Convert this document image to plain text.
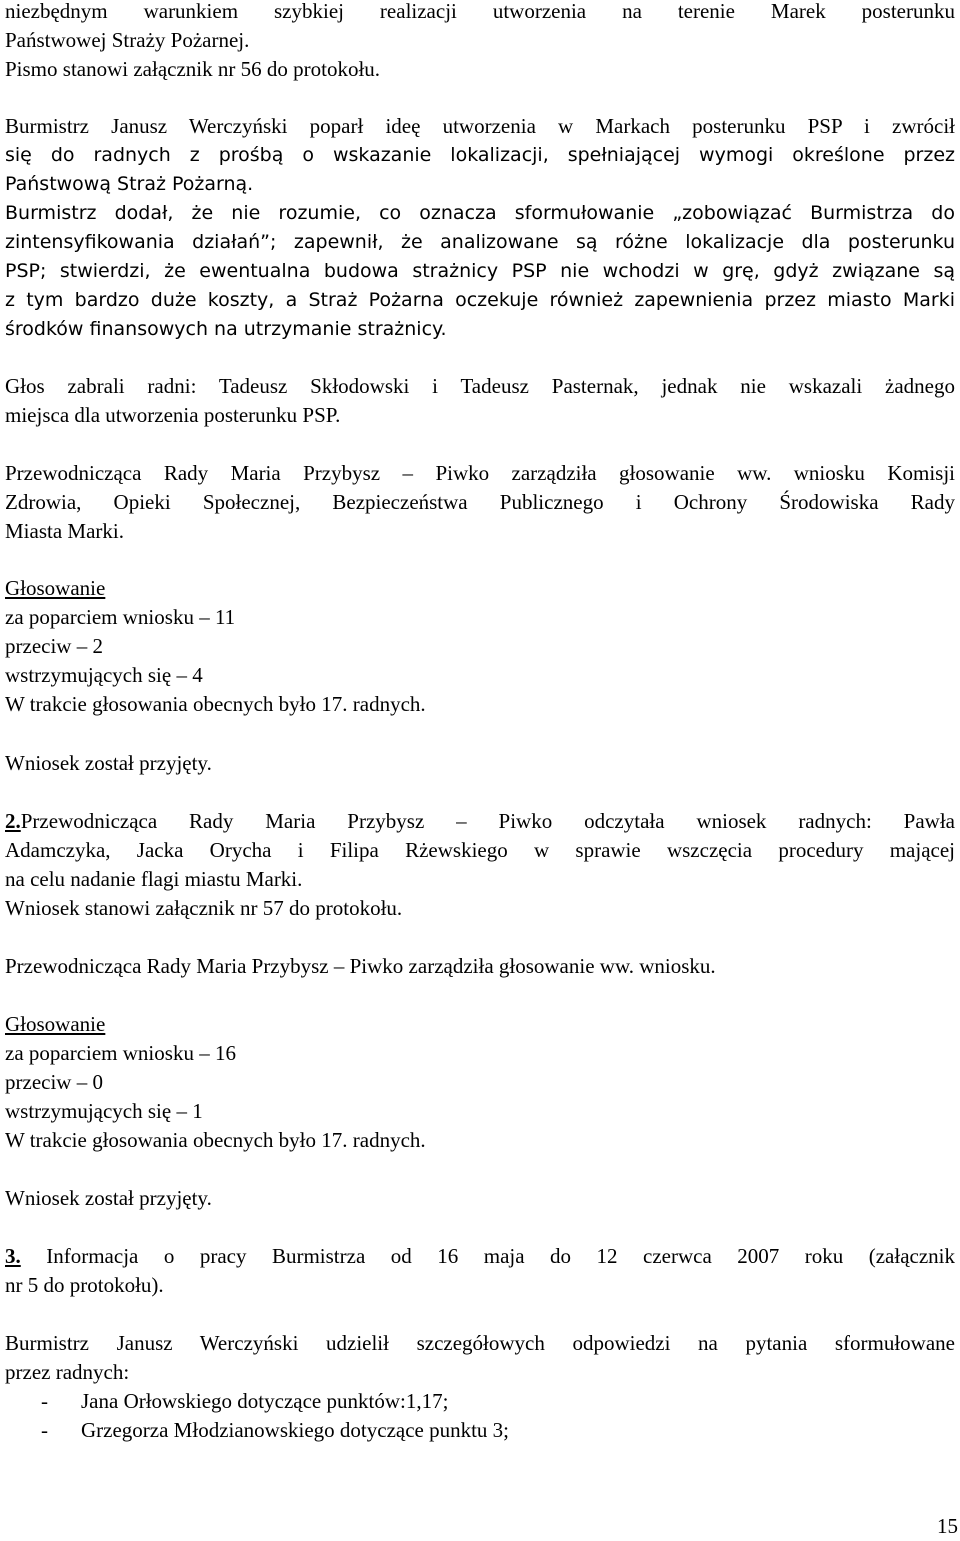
niezbędnym warunkiem szybkiej realizacji utworzenia na terenie Marek posterunku

Państwowej Straży Pożarnej.

Pismo stanowi załącznik nr 56 do protokołu.

Burmistrz Janusz Werczyński poparł ideę utworzenia w Markach posterunku PSP i zwrócił

się do radnych z prośbą o wskazanie lokalizacji, spełniającej wymogi określone przez

Państwową Straż Pożarną.

Burmistrz dodał, że nie rozumie, co oznacza sformułowanie „zobowiązać Burmistrza do

zintensyfikowania działań”; zapewnił, że analizowane są różne lokalizacje dla posterunku

PSP; stwierdzi, że ewentualna budowa strażnicy PSP nie wchodzi w grę, gdyż związane są

z tym bardzo duże koszty, a Straż Pożarna oczekuje również zapewnienia przez miasto Marki

środków finansowych na utrzymanie strażnicy.

Głos zabrali radni: Tadeusz Skłodowski i Tadeusz Pasternak, jednak nie wskazali żadnego

miejsca dla utworzenia posterunku PSP.

Przewodnicząca Rady Maria Przybysz – Piwko zarządziła głosowanie ww. wniosku Komisji

Zdrowia, Opieki Społecznej, Bezpieczeństwa Publicznego i Ochrony Środowiska Rady

Miasta Marki.

Głosowanie

za poparciem wniosku – 11

przeciw – 2

wstrzymujących się – 4

W trakcie głosowania obecnych było 17. radnych.

Wniosek został przyjęty.

2.Przewodnicząca Rady Maria Przybysz – Piwko odczytała wniosek radnych: Pawła

Adamczyka, Jacka Orycha i Filipa Rżewskiego w sprawie wszczęcia procedury mającej

na celu nadanie flagi miastu Marki.

Wniosek stanowi załącznik nr 57 do protokołu.

Przewodnicząca Rady Maria Przybysz – Piwko zarządziła głosowanie ww. wniosku.

Głosowanie

za poparciem wniosku – 16

przeciw – 0

wstrzymujących się – 1

W trakcie głosowania obecnych było 17. radnych.

Wniosek został przyjęty.

3. Informacja o pracy Burmistrza od 16 maja do 12 czerwca 2007 roku (załącznik

nr 5 do protokołu).

Burmistrz Janusz Werczyński udzielił szczegółowych odpowiedzi na pytania sformułowane

przez radnych:

- Jana Orłowskiego dotyczące punktów:1,17;
- Grzegorza Młodzianowskiego dotyczące punktu 3;
15
